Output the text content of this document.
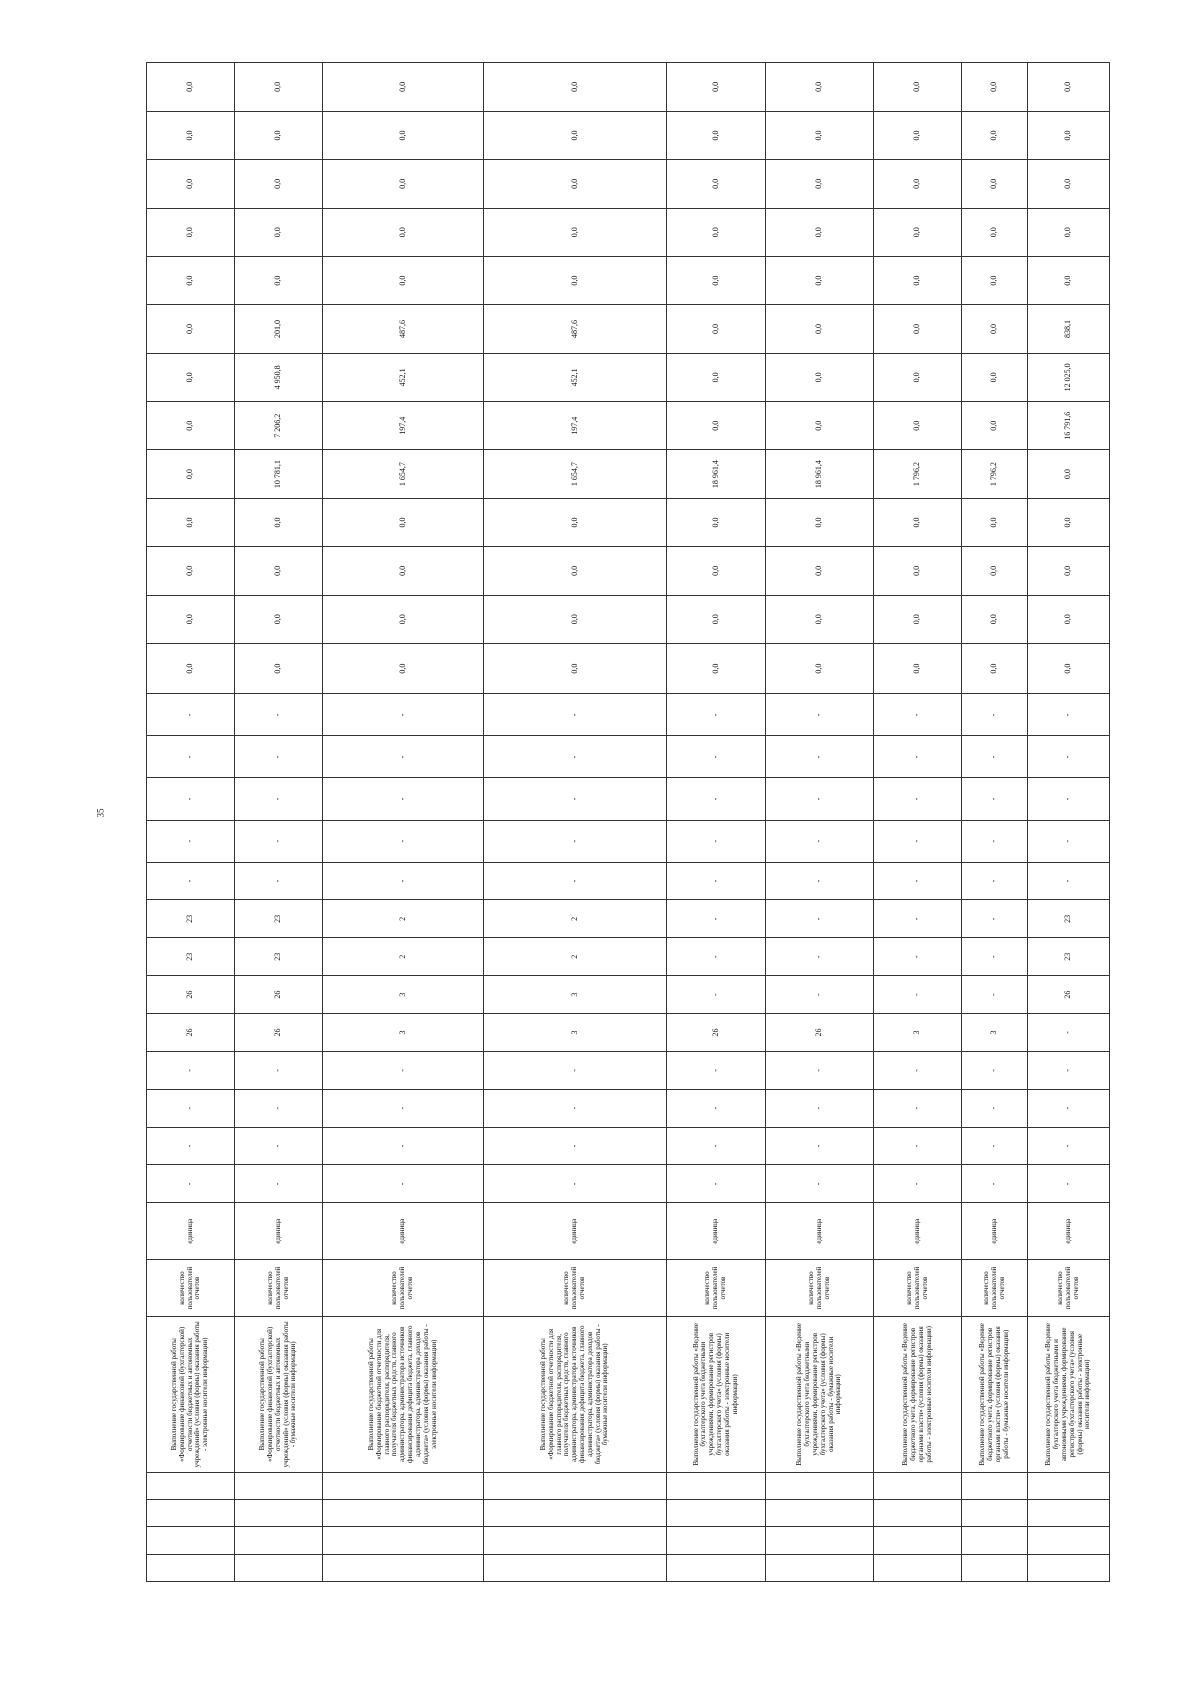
35
				Выполнение государственной работы «Формирование финансовой (бухгалтерской) отчетности бюджетных и автономных учреждений» (условия (формы) оказания работы - электронные носители информации)	количество пользователей отчетов	единица	-	-	-	-	26	26	23	23	-	-	-	-	-	0,0	0,0	0,0	0,0	0,0	0,0	0,0	0,0	0,0	0,0	0,0	0,0	0,0
				Выполнение государственной работы «Формирование финансовой (бухгалтерской) отчетности бюджетных и автономных учреждений» (условия (формы) оказания работы - бумажные носители информации)	количество пользователей отчетов	единица	-	-	-	-	26	26	23	23	-	-	-	-	-	0,0	0,0	0,0	0,0	10 781,1	7 206,2	4 950,8	201,0	0,0	0,0	0,0	0,0	0,0
				Выполнение государственной работы «Формирование бюджетной отчетности для главного распорядителя, распорядителя, получателя бюджетных средств, главного администратора, администратора источников финансирования дефицита бюджета, главного администратора, администратора доходов бюджета» (условия (формы) оказания работы - электронные носители информации)	количество пользователей отчетов	единица	-	-	-	-	3	3	2	2	-	-	-	-	-	0,0	0,0	0,0	0,0	1 654,7	197,4	452,1	487,6	0,0	0,0	0,0	0,0	0,0
				Выполнение государственной работы «Формирование бюджетной отчетности для главного распорядителя, распорядителя, получателя бюджетных средств, главного администратора, администратора источников финансирования дефицита бюджета, главного администратора, администратора доходов бюджета» (условия (формы) оказания работы - бумажные носители информации)	количество пользователей отчетов	единица	-	-	-	-	3	3	2	2	-	-	-	-	-	0,0	0,0	0,0	0,0	1 654,7	197,4	452,1	487,6	0,0	0,0	0,0	0,0	0,0
				Выполнение государственной работы «Ведение бухгалтерского учета бюджетными учреждениями, формирование регистров бухгалтерского учета» (условия (формы) оказания работы - электронные носители информации)	количество пользователей отчетов	единица	-	-	-	-	26	-	-	-	-	-	-	-	-	0,0	0,0	0,0	0,0	18 961,4	0,0	0,0	0,0	0,0	0,0	0,0	0,0	0,0
				Выполнение государственной работы «Ведение бухгалтерского учета бюджетными учреждениями, формирование регистров бухгалтерского учета» (условия (формы) оказания работы - бумажные носители информации)	количество пользователей отчетов	единица	-	-	-	-	26	-	-	-	-	-	-	-	-	0,0	0,0	0,0	0,0	18 961,4	0,0	0,0	0,0	0,0	0,0	0,0	0,0	0,0
				Выполнение государственной работы «Ведение бюджетного учета, формирование регистров органами власти» (условия (формы) оказания работы - электронные носители информации)	количество пользователей отчетов	единица	-	-	-	-	3	-	-	-	-	-	-	-	-	0,0	0,0	0,0	0,0	1 796,2	0,0	0,0	0,0	0,0	0,0	0,0	0,0	0,0
				Выполнение государственной работы «Ведение бюджетного учета, формирование регистров органами власти» (условия (формы) оказания работы - бумажные носители информации)	количество пользователей отчетов	единица	-	-	-	-	3	-	-	-	-	-	-	-	-	0,0	0,0	0,0	0,0	1 796,2	0,0	0,0	0,0	0,0	0,0	0,0	0,0	0,0
				Выполнение государственной работы «Ведение бухгалтерского учета бюджетными и автономными учреждениями, формирование регистров бухгалтерского учета» (условия (формы) оказания работы - электронные носители информации)	количество пользователей отчетов	единица	-	-	-	-	-	26	23	23	-	-	-	-	-	0,0	0,0	0,0	0,0	0,0	16 791,6	12 025,0	838,1	0,0	0,0	0,0	0,0	0,0
